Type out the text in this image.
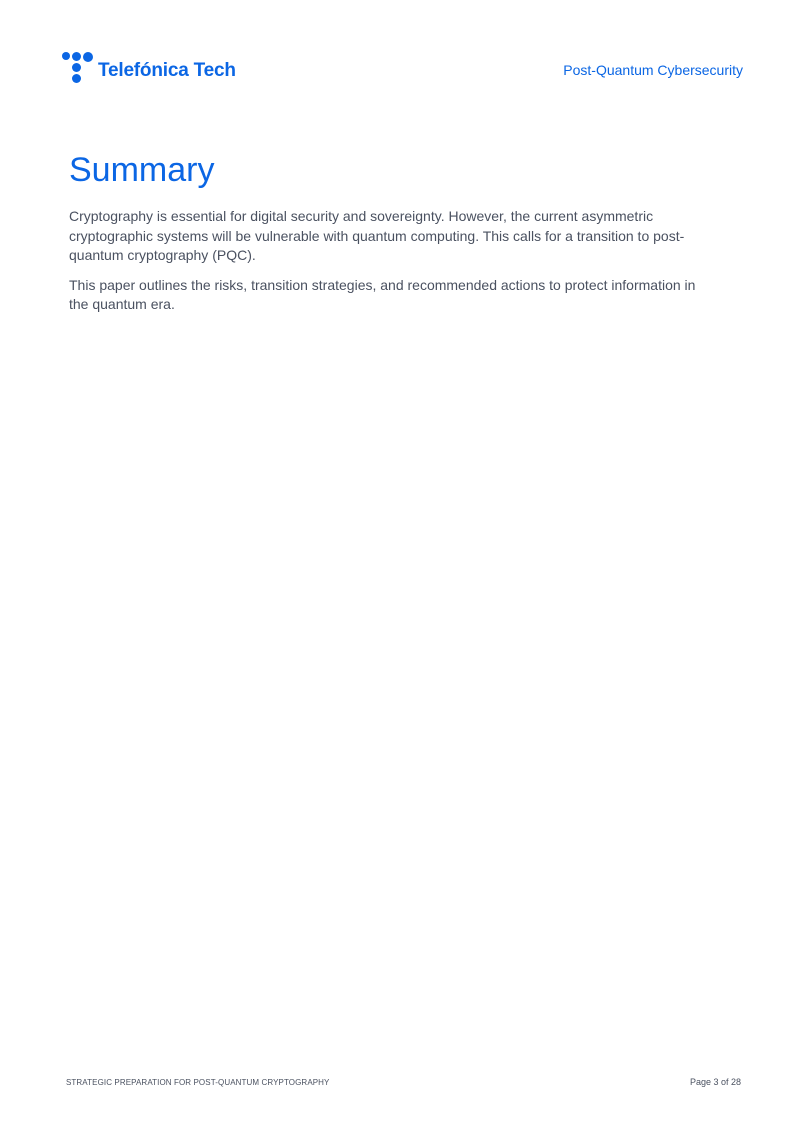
Telefónica Tech	Post-Quantum Cybersecurity
Summary

Cryptography is essential for digital security and sovereignty. However, the current asymmetric cryptographic systems will be vulnerable with quantum computing. This calls for a transition to post-quantum cryptography (PQC).

This paper outlines the risks, transition strategies, and recommended actions to protect information in the quantum era.

STRATEGIC PREPARATION FOR POST-QUANTUM CRYPTOGRAPHY	Page 3 of 28
